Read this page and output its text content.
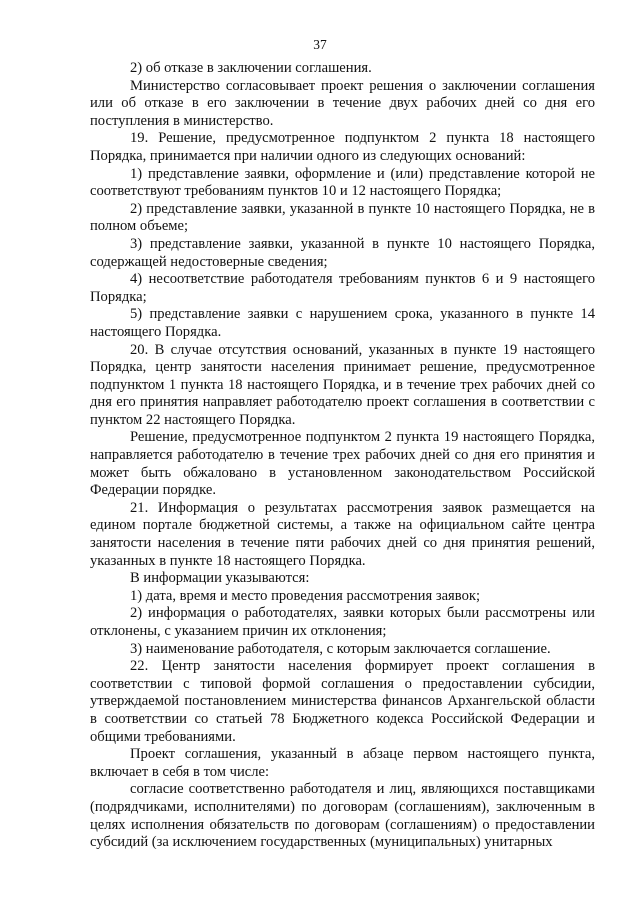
37

2) об отказе в заключении соглашения.

Министерство согласовывает проект решения о заключении соглашения или об отказе в его заключении в течение двух рабочих дней со дня его поступления в министерство.

19. Решение, предусмотренное подпунктом 2 пункта 18 настоящего Порядка, принимается при наличии одного из следующих оснований:

1) представление заявки, оформление и (или) представление которой не соответствуют требованиям пунктов 10 и 12 настоящего Порядка;

2) представление заявки, указанной в пункте 10 настоящего Порядка, не в полном объеме;

3) представление заявки, указанной в пункте 10 настоящего Порядка, содержащей недостоверные сведения;

4) несоответствие работодателя требованиям пунктов 6 и 9 настоящего Порядка;

5) представление заявки с нарушением срока, указанного в пункте 14 настоящего Порядка.

20. В случае отсутствия оснований, указанных в пункте 19 настоящего Порядка, центр занятости населения принимает решение, предусмотренное подпунктом 1 пункта 18 настоящего Порядка, и в течение трех рабочих дней со дня его принятия направляет работодателю проект соглашения в соответствии с пунктом 22 настоящего Порядка.

Решение, предусмотренное подпунктом 2 пункта 19 настоящего Порядка, направляется работодателю в течение трех рабочих дней со дня его принятия и может быть обжаловано в установленном законодательством Российской Федерации порядке.

21. Информация о результатах рассмотрения заявок размещается на едином портале бюджетной системы, а также на официальном сайте центра занятости населения в течение пяти рабочих дней со дня принятия решений, указанных в пункте 18 настоящего Порядка.

В информации указываются:

1) дата, время и место проведения рассмотрения заявок;

2) информация о работодателях, заявки которых были рассмотрены или отклонены, с указанием причин их отклонения;

3) наименование работодателя, с которым заключается соглашение.

22. Центр занятости населения формирует проект соглашения в соответствии с типовой формой соглашения о предоставлении субсидии, утверждаемой постановлением министерства финансов Архангельской области в соответствии со статьей 78 Бюджетного кодекса Российской Федерации и общими требованиями.

Проект соглашения, указанный в абзаце первом настоящего пункта, включает в себя в том числе:

согласие соответственно работодателя и лиц, являющихся поставщиками (подрядчиками, исполнителями) по договорам (соглашениям), заключенным в целях исполнения обязательств по договорам (соглашениям) о предоставлении субсидий (за исключением государственных (муниципальных) унитарных
